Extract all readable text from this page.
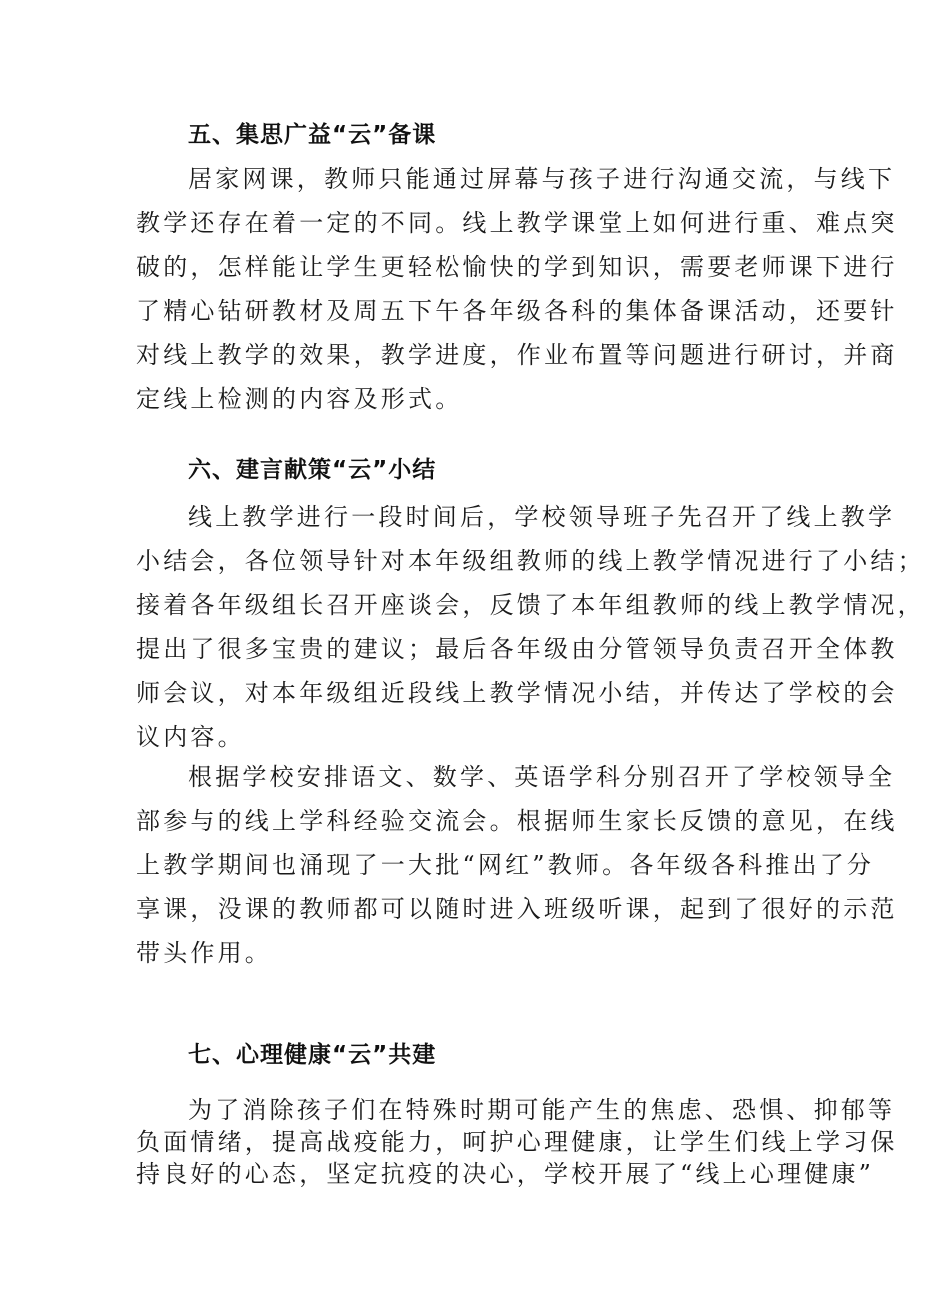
五、集思广益“云”备课
居家网课，教师只能通过屏幕与孩子进行沟通交流，与线下
教学还存在着一定的不同。线上教学课堂上如何进行重、难点突
破的，怎样能让学生更轻松愉快的学到知识，需要老师课下进行
了精心钻研教材及周五下午各年级各科的集体备课活动，还要针
对线上教学的效果，教学进度，作业布置等问题进行研讨，并商
定线上检测的内容及形式。
六、建言献策“云”小结
线上教学进行一段时间后，学校领导班子先召开了线上教学
小结会，各位领导针对本年级组教师的线上教学情况进行了小结；
接着各年级组长召开座谈会，反馈了本年组教师的线上教学情况，
提出了很多宝贵的建议；最后各年级由分管领导负责召开全体教
师会议，对本年级组近段线上教学情况小结，并传达了学校的会
议内容。
根据学校安排语文、数学、英语学科分别召开了学校领导全
部参与的线上学科经验交流会。根据师生家长反馈的意见，在线
上教学期间也涌现了一大批“网红”教师。各年级各科推出了分
享课，没课的教师都可以随时进入班级听课，起到了很好的示范
带头作用。
七、心理健康“云”共建
为了消除孩子们在特殊时期可能产生的焦虑、恐惧、抑郁等
负面情绪，提高战疫能力，呵护心理健康，让学生们线上学习保
持良好的心态，坚定抗疫的决心，学校开展了“线上心理健康”
